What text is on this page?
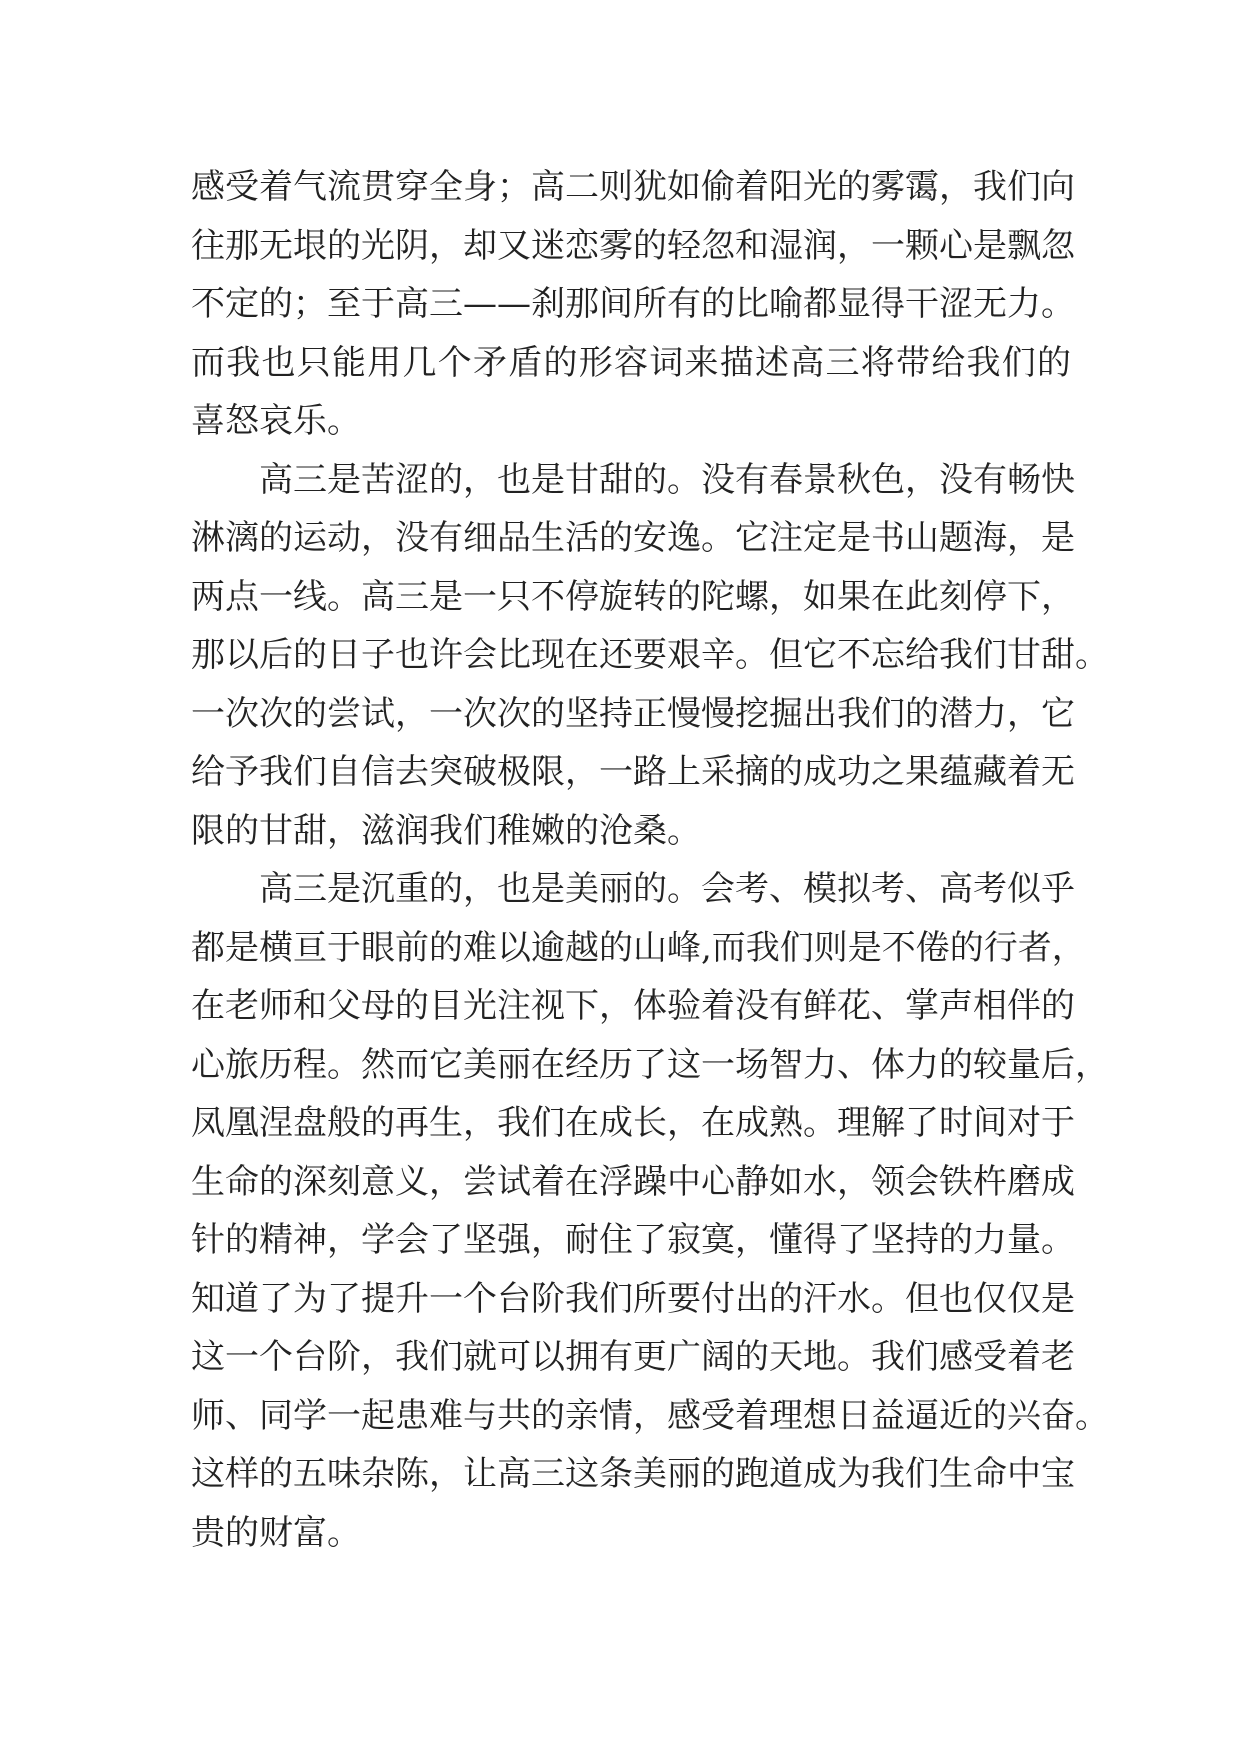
感受着气流贯穿全身；高二则犹如偷着阳光的雾霭，我们向
往那无垠的光阴，却又迷恋雾的轻忽和湿润，一颗心是飘忽
不定的；至于高三——刹那间所有的比喻都显得干涩无力。
而我也只能用几个矛盾的形容词来描述高三将带给我们的
喜怒哀乐。
　　高三是苦涩的，也是甘甜的。没有春景秋色，没有畅快
淋漓的运动，没有细品生活的安逸。它注定是书山题海，是
两点一线。高三是一只不停旋转的陀螺，如果在此刻停下，
那以后的日子也许会比现在还要艰辛。但它不忘给我们甘甜。
一次次的尝试，一次次的坚持正慢慢挖掘出我们的潜力，它
给予我们自信去突破极限，一路上采摘的成功之果蕴藏着无
限的甘甜，滋润我们稚嫩的沧桑。
　　高三是沉重的，也是美丽的。会考、模拟考、高考似乎
都是横亘于眼前的难以逾越的山峰,而我们则是不倦的行者，
在老师和父母的目光注视下，体验着没有鲜花、掌声相伴的
心旅历程。然而它美丽在经历了这一场智力、体力的较量后，
凤凰涅盘般的再生，我们在成长，在成熟。理解了时间对于
生命的深刻意义，尝试着在浮躁中心静如水，领会铁杵磨成
针的精神，学会了坚强，耐住了寂寞，懂得了坚持的力量。
知道了为了提升一个台阶我们所要付出的汗水。但也仅仅是
这一个台阶，我们就可以拥有更广阔的天地。我们感受着老
师、同学一起患难与共的亲情，感受着理想日益逼近的兴奋。
这样的五味杂陈，让高三这条美丽的跑道成为我们生命中宝
贵的财富。
